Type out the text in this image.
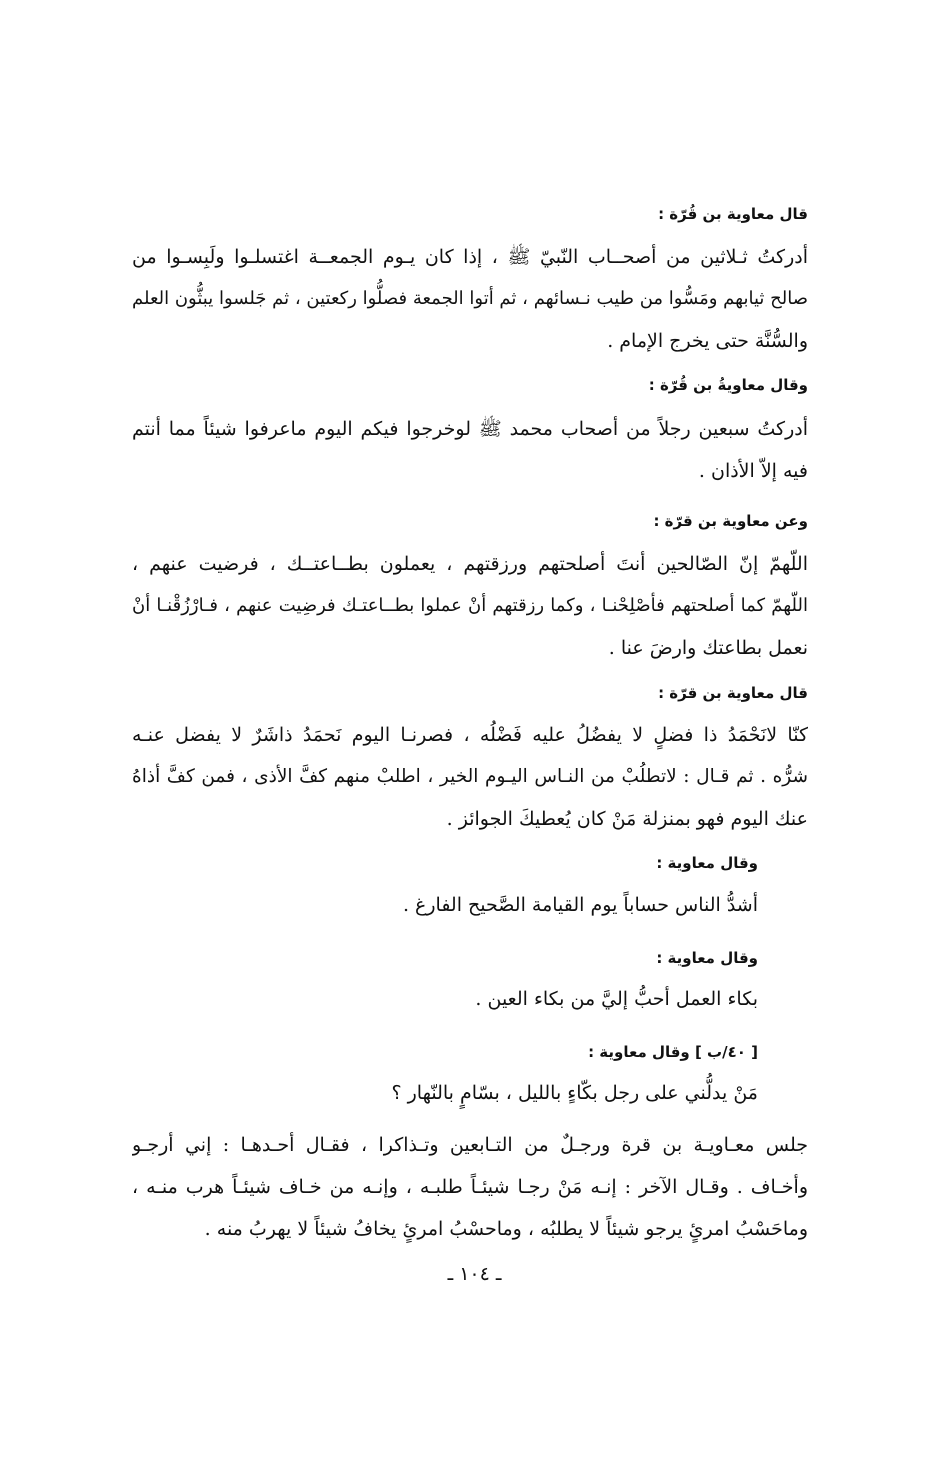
قال معاوية بن قُرّة :
أدركتُ ثـلاثين من أصحــاب النّبيّ ﷺ ، إذا كان يـوم الجمعــة اغتسلـوا ولَبِسـوا من
صالح ثيابهم ومَسُّوا من طيب نـسائهم ، ثم أتوا الجمعة فصلُّوا ركعتين ، ثم جَلسوا يبثُّون العلم
والسُّنَّة حتى يخرج الإمام .
وقال معاويةُ بن قُرّة :
أدركتُ سبعين رجلاً من أصحاب محمد ﷺ لوخرجوا فيكم اليوم ماعرفوا شيئاً مما أنتم
فيه إلاّ الأذان .
وعن معاوية بن قرّة :
اللّهمّ إنّ الصّالحين أنتَ أصلحتهم ورزقتهم ، يعملون بطــاعتــك ، فرضيت عنهم ،
اللّهمّ كما أصلحتهم فأصْلِحْنـا ، وكما رزقتهم أنْ عملوا بطــاعتـك فرضِيت عنهم ، فـارْزُقْنـا أنْ
نعمل بطاعتك وارضَ عنا .
قال معاوية بن قرّة :
كنّا لانَحْمَدُ ذا فضلٍ لا يفضُلُ عليه فَضْلُه ، فصرنـا اليوم نَحمَدُ ذاشَرٌ لا يفضل عنـه
شرُّه . ثم قـال : لاتطلُبْ من النـاس اليـوم الخير ، اطلبْ منهم كفَّ الأذى ، فمن كفَّ أذاهُ
عنك اليوم فهو بمنزلة مَنْ كان يُعطيكَ الجوائز .
وقال معاوية :
أشدُّ الناس حساباً يوم القيامة الصَّحيح الفارغ .
وقال معاوية :
بكاء العمل أحبُّ إليَّ من بكاء العين .
[ ٤٠/ب ] وقال معاوية :
مَنْ يدلُّني على رجل بكّاءٍ بالليل ، بسّامٍ بالنّهار ؟
جلس معـاويـة بن قرة ورجـلٌ من التـابعين وتـذاكرا ، فقـال أحـدهـا : إني أرجـو
وأخـاف . وقـال الآخر : إنـه مَنْ رجـا شيئـاً طلبـه ، وإنـه من خـاف شيئـاً هرب منـه ،
وماحَسْبُ امرئٍ يرجو شيئاً لا يطلبُه ، وماحسْبُ امرئٍ يخافُ شيئاً لا يهربُ منه .
ـ ١٠٤ ـ
